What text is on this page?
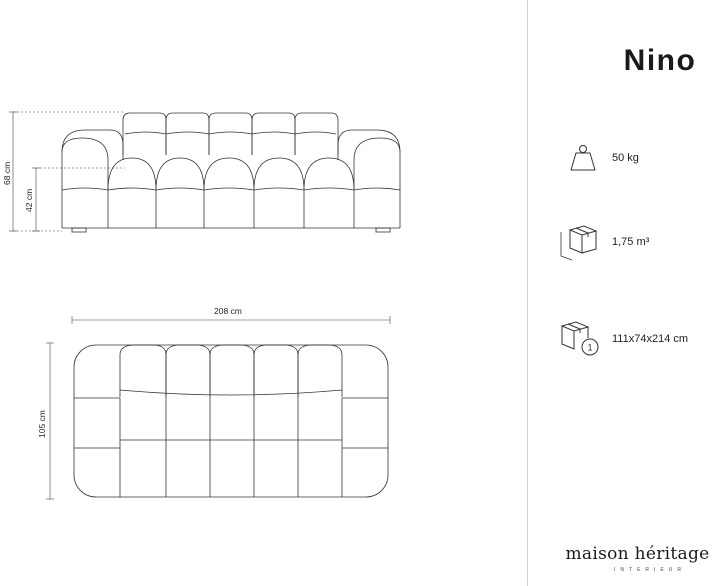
68 cm
42 cm
208 cm
105 cm
Nino
50 kg
1,75 m³
1
111x74x214 cm
maison héritage
INTERIEUR
